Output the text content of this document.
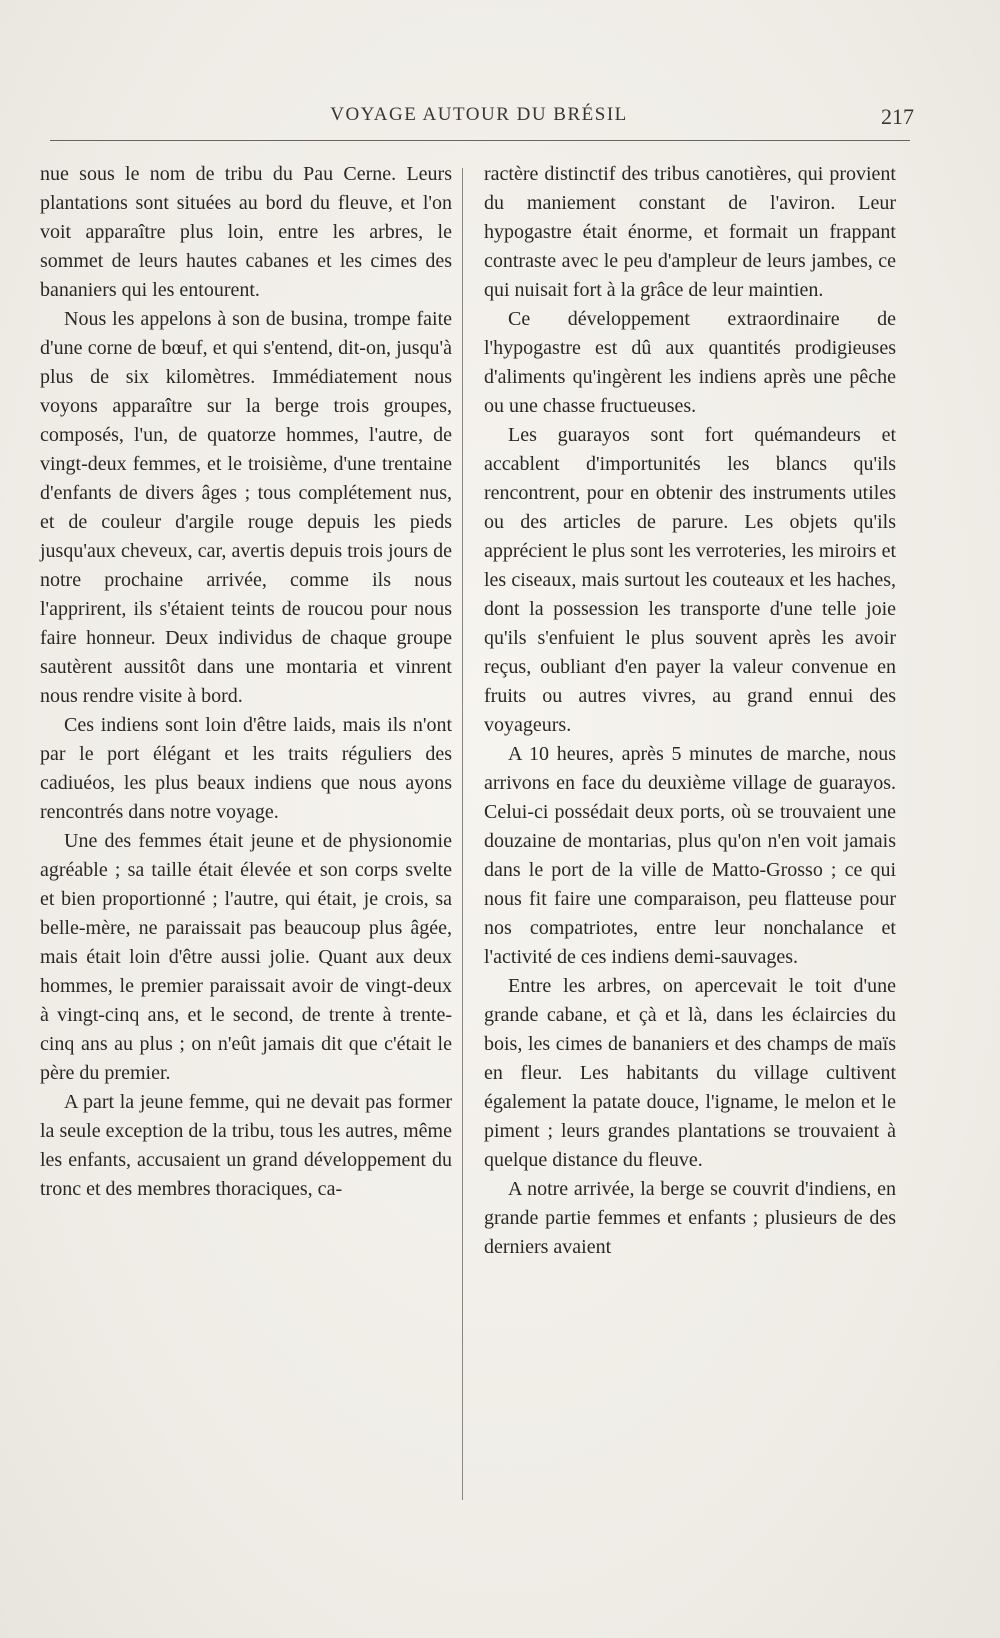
VOYAGE AUTOUR DU BRÉSIL	217

nue sous le nom de tribu du Pau Cerne. Leurs plantations sont situées au bord du fleuve, et l'on voit apparaître plus loin, entre les arbres, le sommet de leurs hautes cabanes et les cimes des bananiers qui les entourent.

Nous les appelons à son de busina, trompe faite d'une corne de bœuf, et qui s'entend, dit-on, jusqu'à plus de six kilomètres. Immédiatement nous voyons apparaître sur la berge trois groupes, composés, l'un, de quatorze hommes, l'autre, de vingt-deux femmes, et le troisième, d'une trentaine d'enfants de divers âges ; tous complétement nus, et de couleur d'argile rouge depuis les pieds jusqu'aux cheveux, car, avertis depuis trois jours de notre prochaine arrivée, comme ils nous l'apprirent, ils s'étaient teints de roucou pour nous faire honneur. Deux individus de chaque groupe sautèrent aussitôt dans une montaria et vinrent nous rendre visite à bord.

Ces indiens sont loin d'être laids, mais ils n'ont par le port élégant et les traits réguliers des cadiuéos, les plus beaux indiens que nous ayons rencontrés dans notre voyage.

Une des femmes était jeune et de physionomie agréable ; sa taille était élevée et son corps svelte et bien proportionné ; l'autre, qui était, je crois, sa belle-mère, ne paraissait pas beaucoup plus âgée, mais était loin d'être aussi jolie. Quant aux deux hommes, le premier paraissait avoir de vingt-deux à vingt-cinq ans, et le second, de trente à trente-cinq ans au plus ; on n'eût jamais dit que c'était le père du premier.

A part la jeune femme, qui ne devait pas former la seule exception de la tribu, tous les autres, même les enfants, accusaient un grand développement du tronc et des membres thoraciques, ca-

ractère distinctif des tribus canotières, qui provient du maniement constant de l'aviron. Leur hypogastre était énorme, et formait un frappant contraste avec le peu d'ampleur de leurs jambes, ce qui nuisait fort à la grâce de leur maintien.

Ce développement extraordinaire de l'hypogastre est dû aux quantités prodigieuses d'aliments qu'ingèrent les indiens après une pêche ou une chasse fructueuses.

Les guarayos sont fort quémandeurs et accablent d'importunités les blancs qu'ils rencontrent, pour en obtenir des instruments utiles ou des articles de parure. Les objets qu'ils apprécient le plus sont les verroteries, les miroirs et les ciseaux, mais surtout les couteaux et les haches, dont la possession les transporte d'une telle joie qu'ils s'enfuient le plus souvent après les avoir reçus, oubliant d'en payer la valeur convenue en fruits ou autres vivres, au grand ennui des voyageurs.

A 10 heures, après 5 minutes de marche, nous arrivons en face du deuxième village de guarayos. Celui-ci possédait deux ports, où se trouvaient une douzaine de montarias, plus qu'on n'en voit jamais dans le port de la ville de Matto-Grosso ; ce qui nous fit faire une comparaison, peu flatteuse pour nos compatriotes, entre leur nonchalance et l'activité de ces indiens demi-sauvages.

Entre les arbres, on apercevait le toit d'une grande cabane, et çà et là, dans les éclaircies du bois, les cimes de bananiers et des champs de maïs en fleur. Les habitants du village cultivent également la patate douce, l'igname, le melon et le piment ; leurs grandes plantations se trouvaient à quelque distance du fleuve.

A notre arrivée, la berge se couvrit d'indiens, en grande partie femmes et enfants ; plusieurs de des derniers avaient
